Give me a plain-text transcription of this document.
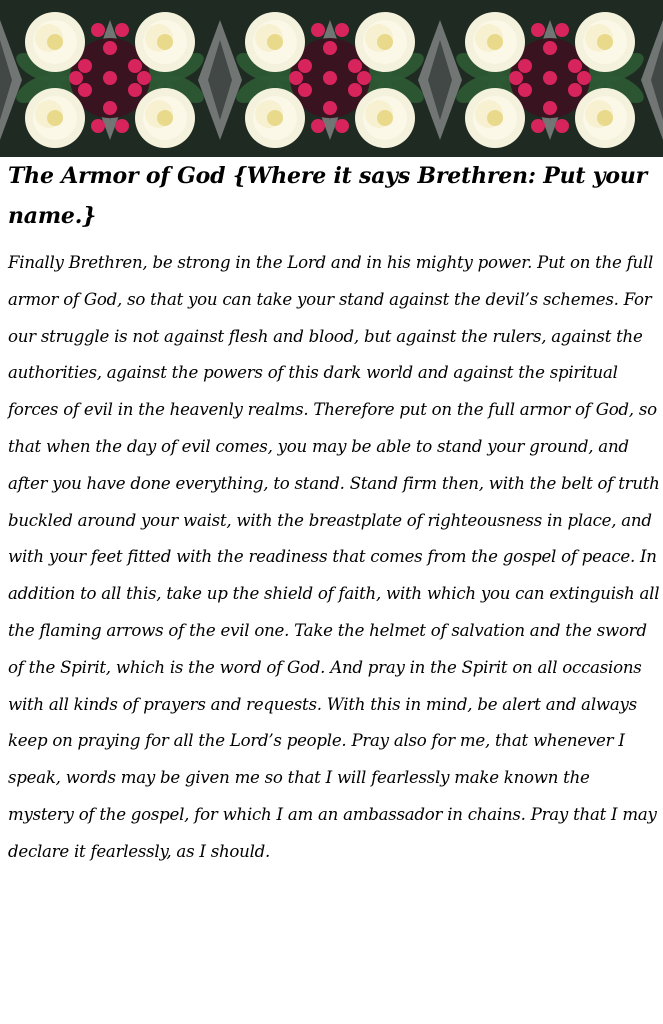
The Armor of God {Where it says Brethren: Put your name.}

Finally Brethren, be strong in the Lord and in his mighty power. Put on the full armor of God, so that you can take your stand against the devil’s schemes. For our struggle is not against flesh and blood, but against the rulers, against the authorities, against the powers of this dark world and against the spiritual forces of evil in the heavenly realms. Therefore put on the full armor of God, so that when the day of evil comes, you may be able to stand your ground, and after you have done everything, to stand. Stand firm then, with the belt of truth buckled around your waist, with the breastplate of righteousness in place, and with your feet fitted with the readiness that comes from the gospel of peace. In addition to all this, take up the shield of faith, with which you can extinguish all the flaming arrows of the evil one. Take the helmet of salvation and the sword of the Spirit, which is the word of God. And pray in the Spirit on all occasions with all kinds of prayers and requests. With this in mind, be alert and always keep on praying for all the Lord’s people. Pray also for me, that whenever I speak, words may be given me so that I will fearlessly make known the mystery of the gospel, for which I am an ambassador in chains. Pray that I may declare it fearlessly, as I should.
